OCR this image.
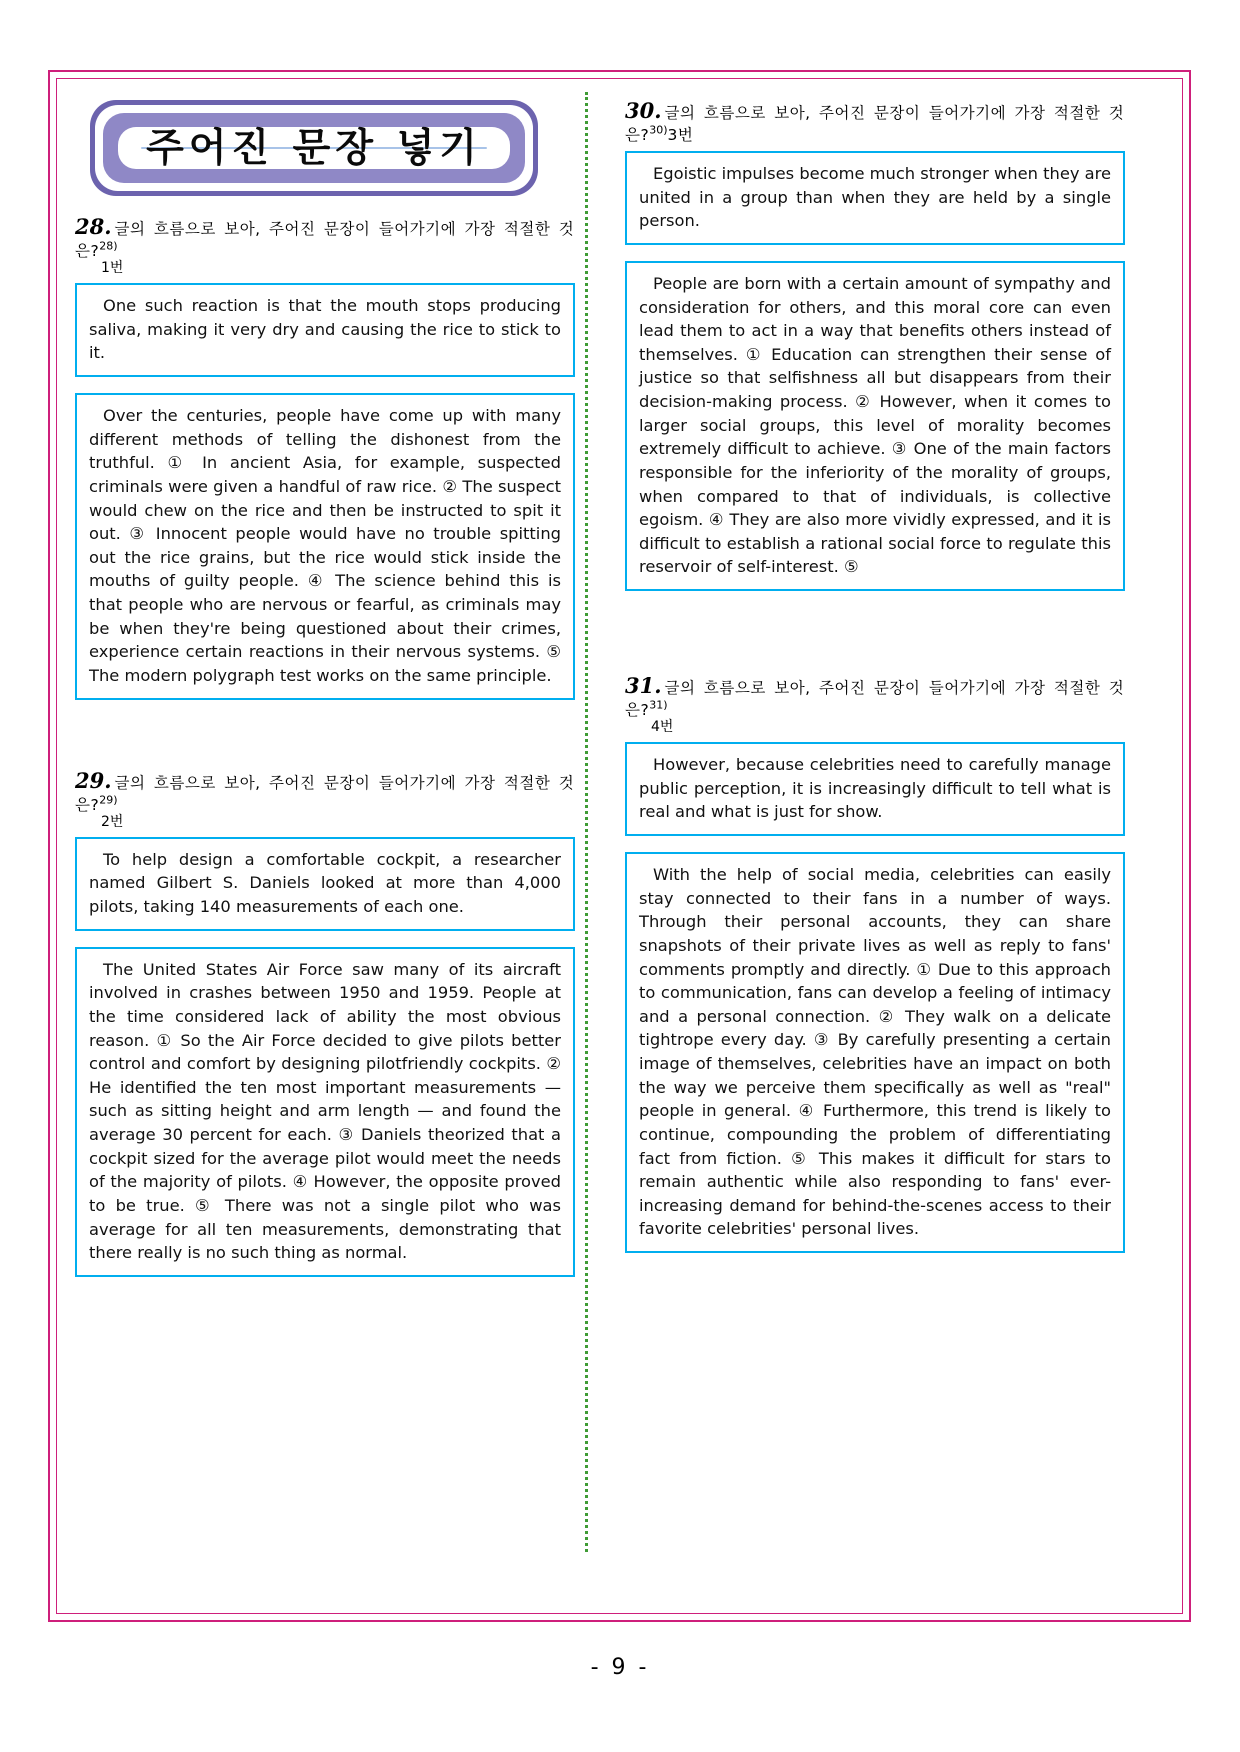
주어진 문장 넣기
28. 글의 흐름으로 보아, 주어진 문장이 들어가기에 가장 적절한 것은?$^{28)}$
1번

One such reaction is that the mouth stops producing saliva, making it very dry and causing the rice to stick to it.

Over the centuries, people have come up with many different methods of telling the dishonest from the truthful. ① In ancient Asia, for example, suspected criminals were given a handful of raw rice. ② The suspect would chew on the rice and then be instructed to spit it out. ③ Innocent people would have no trouble spitting out the rice grains, but the rice would stick inside the mouths of guilty people. ④ The science behind this is that people who are nervous or fearful, as criminals may be when they're being questioned about their crimes, experience certain reactions in their nervous systems. ⑤ The modern polygraph test works on the same principle.

29. 글의 흐름으로 보아, 주어진 문장이 들어가기에 가장 적절한 것은?$^{29)}$
2번

To help design a comfortable cockpit, a researcher named Gilbert S. Daniels looked at more than 4,000 pilots, taking 140 measurements of each one.

The United States Air Force saw many of its aircraft involved in crashes between 1950 and 1959. People at the time considered lack of ability the most obvious reason. ① So the Air Force decided to give pilots better control and comfort by designing pilotfriendly cockpits. ② He identified the ten most important measurements — such as sitting height and arm length — and found the average 30 percent for each. ③ Daniels theorized that a cockpit sized for the average pilot would meet the needs of the majority of pilots. ④ However, the opposite proved to be true. ⑤ There was not a single pilot who was average for all ten measurements, demonstrating that there really is no such thing as normal.

30. 글의 흐름으로 보아, 주어진 문장이 들어가기에 가장 적절한 것은?$^{30)}$3번

Egoistic impulses become much stronger when they are united in a group than when they are held by a single person.

People are born with a certain amount of sympathy and consideration for others, and this moral core can even lead them to act in a way that benefits others instead of themselves. ① Education can strengthen their sense of justice so that selfishness all but disappears from their decision-making process. ② However, when it comes to larger social groups, this level of morality becomes extremely difficult to achieve. ③ One of the main factors responsible for the inferiority of the morality of groups, when compared to that of individuals, is collective egoism. ④ They are also more vividly expressed, and it is difficult to establish a rational social force to regulate this reservoir of self-interest. ⑤

31. 글의 흐름으로 보아, 주어진 문장이 들어가기에 가장 적절한 것은?$^{31)}$
4번

However, because celebrities need to carefully manage public perception, it is increasingly difficult to tell what is real and what is just for show.

With the help of social media, celebrities can easily stay connected to their fans in a number of ways. Through their personal accounts, they can share snapshots of their private lives as well as reply to fans' comments promptly and directly. ① Due to this approach to communication, fans can develop a feeling of intimacy and a personal connection. ② They walk on a delicate tightrope every day. ③ By carefully presenting a certain image of themselves, celebrities have an impact on both the way we perceive them specifically as well as "real" people in general. ④ Furthermore, this trend is likely to continue, compounding the problem of differentiating fact from fiction. ⑤ This makes it difficult for stars to remain authentic while also responding to fans' ever-increasing demand for behind-the-scenes access to their favorite celebrities' personal lives.

- 9 -
